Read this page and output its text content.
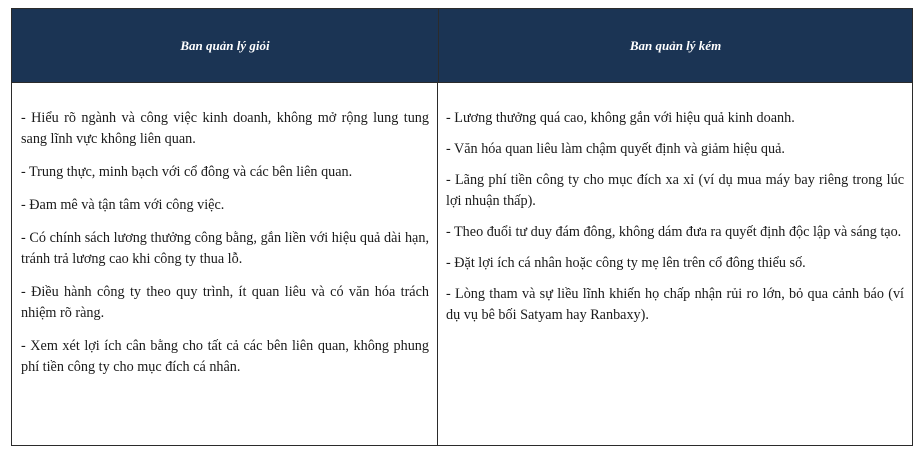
Ban quản lý giỏi	Ban quản lý kém

- Hiểu rõ ngành và công việc kinh doanh, không mở rộng lung tung sang lĩnh vực không liên quan.

- Trung thực, minh bạch với cổ đông và các bên liên quan.

- Đam mê và tận tâm với công việc.

- Có chính sách lương thưởng công bằng, gắn liền với hiệu quả dài hạn, tránh trả lương cao khi công ty thua lỗ.

- Điều hành công ty theo quy trình, ít quan liêu và có văn hóa trách nhiệm rõ ràng.

- Xem xét lợi ích cân bằng cho tất cả các bên liên quan, không phung phí tiền công ty cho mục đích cá nhân.

- Lương thưởng quá cao, không gắn với hiệu quả kinh doanh.

- Văn hóa quan liêu làm chậm quyết định và giảm hiệu quả.

- Lãng phí tiền công ty cho mục đích xa xỉ (ví dụ mua máy bay riêng trong lúc lợi nhuận thấp).

- Theo đuổi tư duy đám đông, không dám đưa ra quyết định độc lập và sáng tạo.

- Đặt lợi ích cá nhân hoặc công ty mẹ lên trên cổ đông thiểu số.

- Lòng tham và sự liều lĩnh khiến họ chấp nhận rủi ro lớn, bỏ qua cảnh báo (ví dụ vụ bê bối Satyam hay Ranbaxy).
